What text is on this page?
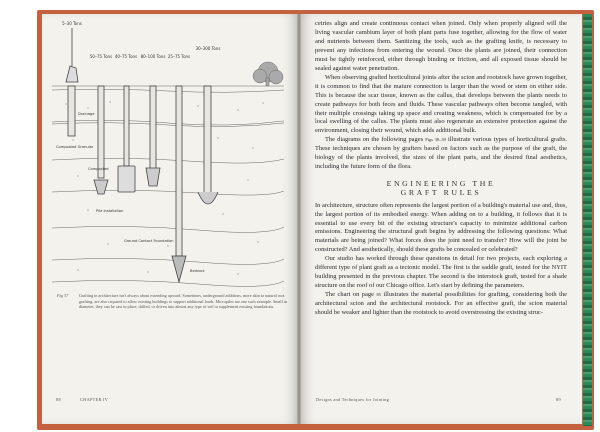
5–30 Tons
50–75 Tons 40–75 Tons 80–100 Tons 25–75 Tons
30–300 Tons
Drainage
Composted Granular
Compacted
Pile Installation
Ground Contact Foundation
Bedrock
Fig 37	Grafting in architecture isn't always about extending upward. Sometimes, underground additions, more akin to natural root grafting, are also required to allow existing buildings to support additional loads. Micropiles are one such example. Small in diameter, they can be cast in place, drilled, or driven into almost any type of soil to supplement existing foundations.
88	CHAPTER IV	Designs and Techniques for Jointing	89

cetries align and create continuous contact when joined. Only when properly aligned will the living vascular cambium layer of both plant parts fuse together, allowing for the flow of water and nutrients between them. Sanitizing the tools, such as the grafting knife, is necessary to prevent any infections from entering the wound. Once the plants are joined, their connection must be tightly reinforced, either through binding or friction, and all exposed tissue should be sealed against water penetration.

When observing grafted horticultural joints after the scion and rootstock have grown together, it is common to find that the mature connection is larger than the wood or stem on either side. This is because the scar tissue, known as the callus, that develops between the plants needs to create pathways for both feces and fluids. These vascular pathways often become tangled, with their multiple crossings taking up space and creating weakness, which is compensated for by a local swelling of the callus. The plants must also regenerate an extensive protection against the environment, closing their wound, which adds additional bulk.

The diagrams on the following pages Figs 38–39 illustrate various types of horticultural grafts. These techniques are chosen by grafters based on factors such as the purpose of the graft, the biology of the plants involved, the sizes of the plant parts, and the desired final aesthetics, including the future form of the flora.

ENGINEERING THE
GRAFT RULES

In architecture, structure often represents the largest portion of a building's material use and, thus, the largest portion of its embodied energy. When adding on to a building, it follows that it is essential to use every bit of the existing structure's capacity to minimize additional carbon emissions. Engineering the structural graft begins by addressing the following questions: What materials are being joined? What forces does the joint need to transfer? How will the joint be constructed? And aesthetically, should these grafts be concealed or celebrated?

Our studio has worked through these questions in detail for two projects, each exploring a different type of plant graft as a tectonic model. The first is the saddle graft, tested for the NYIT building presented in the previous chapter. The second is the interstock graft, tested for a shade structure on the roof of our Chicago office. Let's start by defining the parameters.

The chart on page 85 illustrates the material possibilities for grafting, considering both the architectural scion and the architectural rootstock. For an effective graft, the scion material should be weaker and lighter than the rootstock to avoid overstressing the existing struc-
